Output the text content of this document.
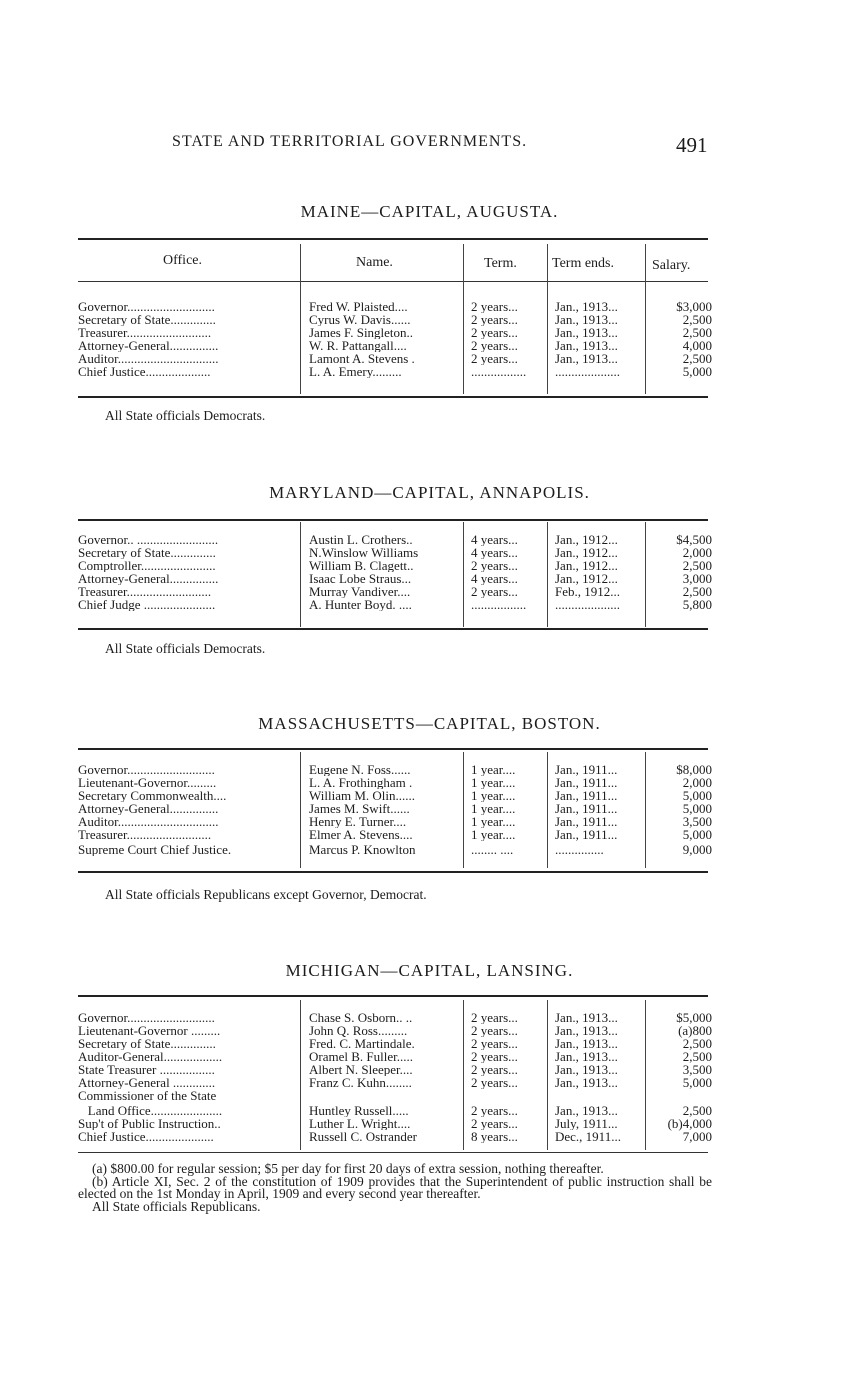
STATE AND TERRITORIAL GOVERNMENTS.	491
MAINE—CAPITAL, AUGUSTA.
Office.	Name.	Term.	Term ends.	Salary.
Governor...........................	Fred W. Plaisted....	2 years...	Jan., 1913...	$3,000
Secretary of State..............	Cyrus W. Davis......	2 years...	Jan., 1913...	2,500
Treasurer..........................	James F. Singleton..	2 years...	Jan., 1913...	2,500
Attorney-General...............	W. R. Pattangall....	2 years...	Jan., 1913...	4,000
Auditor...............................	Lamont A. Stevens .	2 years...	Jan., 1913...	2,500
Chief Justice....................	L. A. Emery.........	.................	....................	5,000
All State officials Democrats.
MARYLAND—CAPITAL, ANNAPOLIS.
Governor.. .........................	Austin L. Crothers..	4 years...	Jan., 1912...	$4,500
Secretary of State..............	N.Winslow Williams	4 years...	Jan., 1912...	2,000
Comptroller.......................	William B. Clagett..	2 years...	Jan., 1912...	2,500
Attorney-General...............	Isaac Lobe Straus...	4 years...	Jan., 1912...	3,000
Treasurer..........................	Murray Vandiver....	2 years...	Feb., 1912...	2,500
Chief Judge ......................	A. Hunter Boyd. ....	.................	....................	5,800
All State officials Democrats.
MASSACHUSETTS—CAPITAL, BOSTON.
Governor...........................	Eugene N. Foss......	1 year....	Jan., 1911...	$8,000
Lieutenant-Governor.........	L. A. Frothingham .	1 year....	Jan., 1911...	2,000
Secretary Commonwealth....	William M. Olin......	1 year....	Jan., 1911...	5,000
Attorney-General...............	James M. Swift......	1 year....	Jan., 1911...	5,000
Auditor...............................	Henry E. Turner....	1 year....	Jan., 1911...	3,500
Treasurer..........................	Elmer A. Stevens....	1 year....	Jan., 1911...	5,000
Supreme Court Chief Justice.	Marcus P. Knowlton	........ ....	...............	9,000
All State officials Republicans except Governor, Democrat.
MICHIGAN—CAPITAL, LANSING.
Governor...........................	Chase S. Osborn.. ..	2 years...	Jan., 1913...	$5,000
Lieutenant-Governor .........	John Q. Ross.........	2 years...	Jan., 1913...	(a)800
Secretary of State..............	Fred. C. Martindale.	2 years...	Jan., 1913...	2,500
Auditor-General..................	Oramel B. Fuller.....	2 years...	Jan., 1913...	2,500
State Treasurer .................	Albert N. Sleeper....	2 years...	Jan., 1913...	3,500
Attorney-General .............	Franz C. Kuhn........	2 years...	Jan., 1913...	5,000
Commissioner of the State
Land Office......................	Huntley Russell.....	2 years...	Jan., 1913...	2,500
Sup't of Public Instruction..	Luther L. Wright....	2 years...	July, 1911...	(b)4,000
Chief Justice.....................	Russell C. Ostrander	8 years...	Dec., 1911...	7,000

(a) $800.00 for regular session; $5 per day for first 20 days of extra session, nothing thereafter.

(b) Article XI, Sec. 2 of the constitution of 1909 provides that the Superintendent of public instruction shall be elected on the 1st Monday in April, 1909 and every second year thereafter.

All State officials Republicans.
